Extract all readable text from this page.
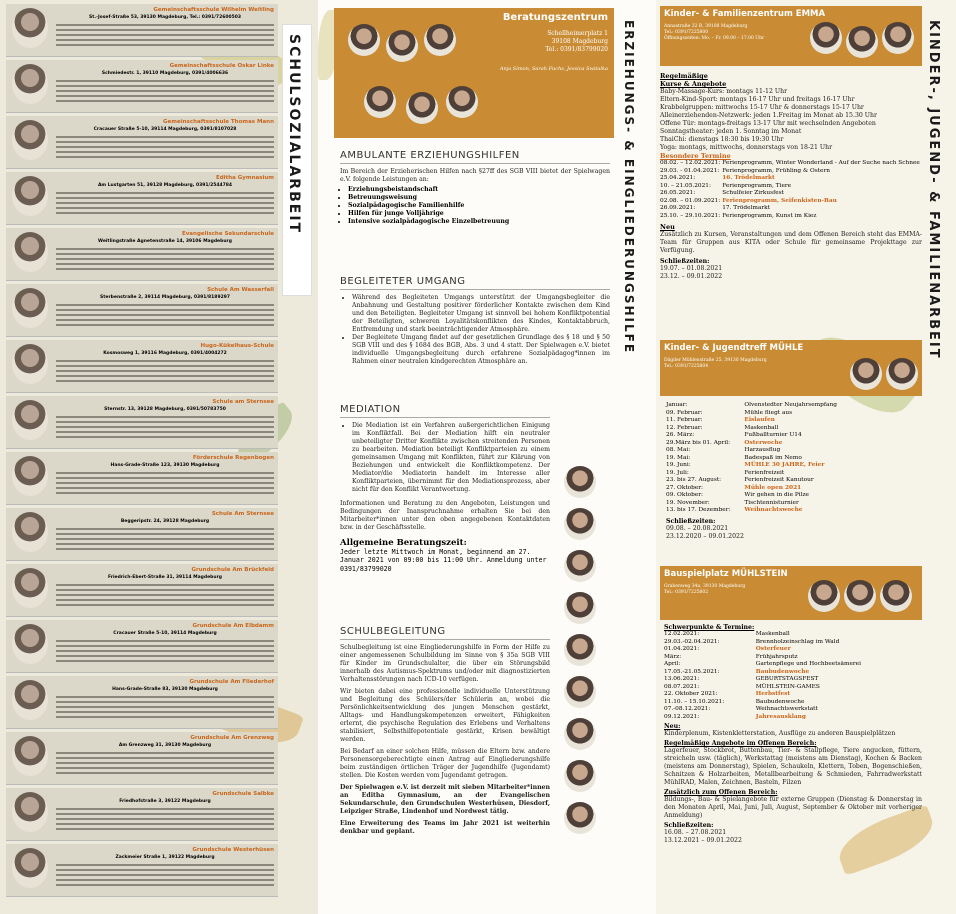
SCHULSOZIALARBEIT
Gemeinschaftsschule Wilhelm Weitling
St.-Josef-Straße 53, 39130 Magdeburg, Tel.: 0391/72600503
Gemeinschaftsschule Oskar Linke
Schmiedestr. 1, 39110 Magdeburg, 0391/4006636
Gemeinschaftsschule Thomas Mann
Cracauer Straße 5-10, 39114 Magdeburg, 0391/8107028
Editha Gymnasium
Am Lustgarten 51, 39128 Magdeburg, 0391/2544784
Evangelische Sekundarschule
Weitlingstraße Agnetenstraße 14, 39106 Magdeburg
Schule Am Wasserfall
Sterbenstraße 2, 39114 Magdeburg, 0391/8189297
Hugo-Kükelhaus-Schule
Kosmosweg 1, 39116 Magdeburg, 0391/4004272
Schule am Sternsee
Sternstr. 13, 39128 Magdeburg, 0391/50783750
Förderschule Regenbogen
Hans-Grade-Straße 123, 39130 Magdeburg
Schule Am Sternsee
Beggeripstr. 24, 39128 Magdeburg
Grundschule Am Brückfeld
Friedrich-Ebert-Straße 31, 39114 Magdeburg
Grundschule Am Elbdamm
Cracauer Straße 5-10, 39114 Magdeburg
Grundschule Am Fliederhof
Hans-Grade-Straße 83, 39130 Magdeburg
Grundschule Am Grenzweg
Am Grenzweg 31, 39130 Magdeburg
Grundschule Salbke
Friedhofstraße 3, 39122 Magdeburg
Grundschule Westerhüsen
Zackmeier Straße 1, 39122 Magdeburg
Beratungszentrum
Schellheimerplatz 1
39108 Magdeburg
Tel.: 0391/83799020
Anja Simon, Sarah Fuchs, Jessica Switalka ERZIEHUNGS- & EINGLIEDERUNGSHILFE

AMBULANTE ERZIEHUNGSHILFEN

Im Bereich der Erzieherischen Hilfen nach §27ff des SGB VIII bietet der Spielwagen e.V. folgende Leistungen an:
• Erziehungsbeistandschaft
• Betreuungsweisung
• Sozialpädagogische Familienhilfe
• Hilfen für junge Volljährige
• Intensive sozialpädagogische Einzelbetreuung

BEGLEITETER UMGANG

• Während des Begleiteten Umgangs unterstützt der Umgangsbegleiter die Anbahnung und Gestaltung positiver förderlicher Kontakte zwischen dem Kind und den Beteiligten. Begleiteter Umgang ist sinnvoll bei hohem Konfliktpotential der Beteiligten, schweren Loyalitätskonflikten des Kindes, Kontaktabbruch, Entfremdung und stark beeinträchtigender Atmosphäre.
• Der Begleitete Umgang findet auf der gesetzlichen Grundlage des § 18 und § 50 SGB VIII und des § 1684 des BGB, Abs. 3 und 4 statt. Der Spielwagen e.V. bietet individuelle Umgangsbegleitung durch erfahrene Sozialpädagog*innen im Rahmen einer neutralen kindgerechten Atmosphäre an.

MEDIATION

• Die Mediation ist ein Verfahren außergerichtlichen Einigung im Konfliktfall. Bei der Mediation hilft ein neutraler unbeteiligter Dritter Konflikte zwischen streitenden Personen zu bearbeiten. Mediation beteiligt Konfliktparteien zu einem gemeinsamen Umgang mit Konflikten, führt zur Klärung von Beziehungen und entwickelt die Konfliktkompetenz. Der Mediator/die Mediatorin handelt im Interesse aller Konfliktparteien, übernimmt für den Mediationsprozess, aber nicht für den Konflikt Verantwortung.
Informationen und Beratung zu den Angeboten, Leistungen und Bedingungen der Inanspruchnahme erhalten Sie bei den Mitarbeiter*innen unter den oben angegebenen Kontaktdaten bzw. in der Geschäftsstelle.
Allgemeine Beratungszeit:
Jeder letzte Mittwoch im Monat, beginnend am 27. Januar 2021 von 09:00 bis 11:00 Uhr. Anmeldung unter 0391/83799020

SCHULBEGLEITUNG

Schulbegleitung ist eine Eingliederungshilfe in Form der Hilfe zu einer angemessenen Schulbildung im Sinne von § 35a SGB VIII für Kinder im Grundschulalter, die über ein Störungsbild innerhalb des Autismus-Spektrums und/oder mit diagnostizierten Verhaltensstörungen nach ICD-10 verfügen.
Wir bieten dabei eine professionelle individuelle Unterstützung und Begleitung des Schülers/der Schülerin an, wobei die Persönlichkeitsentwicklung des jungen Menschen gestärkt, Alltags- und Handlungskompetenzen erweitert, Fähigkeiten erlernt, die psychische Regulation des Erlebens und Verhaltens stabilisiert, Selbsthilfepotentiale gestärkt, Krisen bewältigt werden.
Bei Bedarf an einer solchen Hilfe, müssen die Eltern bzw. andere Personensorgeberechtigte einen Antrag auf Eingliederungshilfe beim zuständigen örtlichen Träger der Jugendhilfe (Jugendamt) stellen. Die Kosten werden vom Jugendamt getragen.
Der Spielwagen e.V. ist derzeit mit sieben Mitarbeiter*innen an Editha Gymnasium, an der Evangelischen Sekundarschule, den Grundschulen Westerhüsen, Diesdorf, Leipziger Straße, Lindenhof und Nordwest tätig.
Eine Erweiterung des Teams im Jahr 2021 ist weiterhin denkbar und geplant.
KINDER-, JUGEND- & FAMILIENARBEIT
Kinder- & Familienzentrum EMMA
Annastraße 32 B, 39108 Magdeburg
Tel.: 0391/7225800
Öffnungszeiten: Mo. – Fr. 09.00 – 17.00 Uhr
Regelmäßige
Kurse & Angebote
Baby-Massage-Kurs: montags 11-12 Uhr
Eltern-Kind-Sport: montags 16-17 Uhr und freitags 16-17 Uhr
Krabbelgruppen: mittwochs 15-17 Uhr & donnerstags 15-17 Uhr
Alleinerziehenden-Netzwerk: jeden 1.Freitag im Monat ab 15.30 Uhr
Offene Tür: montags-freitags 13-17 Uhr mit wechselnden Angeboten
Sonntagstheater: jeden 1. Sonntag im Monat
ThaiChi: dienstags 18:30 bis 19:30 Uhr
Yoga: montags, mittwochs, donnerstags von 18-21 Uhr
Besondere Termine
08.02. – 12.02.2021:	Ferienprogramm, Winter Wonderland - Auf der Suche nach Schnee
29.03. - 01.04.2021:	Ferienprogramm, Frühling & Ostern
25.04.2021:	16. Trödelmarkt
10. – 21.05.2021:	Ferienprogramm, Tiere
26.05.2021:	Schulfeier Zirkusfest
02.08. – 01.09.2021:	Ferienprogramm, Seifenkisten-Bau
26.09.2021:	17. Trödelmarkt
25.10. – 29.10.2021:	Ferienprogramm, Kunst im Kiez
Neu
Zusätzlich zu Kursen, Veranstaltungen und dem Offenen Bereich steht das EMMA-Team für Gruppen aus KITA oder Schule für gemeinsame Projekttage zur Verfügung.
Schließzeiten:
19.07. – 01.08.2021
23.12. – 09.01.2022
Kinder- & Jugendtreff MÜHLE
Dägder Mühlenstraße 25, 39130 Magdeburg
Tel.: 0391/7225804
Januar:	Olvenstedter Neujahrsempfang
09. Februar:	Mühle fliegt aus
11. Februar:	Eislaufen
12. Februar:	Maskenball
26. März:	Fußballturnier U14
29.März bis 01. April:	Osterwoche
08. Mai:	Harzausflug
19. Mai:	Badespaß im Nemo
19. Juni:	MÜHLE 30 JAHRE, Feier
19. Juli:	Ferienfreizeit
23. bis 27. August:	Ferienfreizeit Kanutour
27. Oktober:	Mühle open 2021
09. Oktober:	Wir gehen in die Pilze
19. November:	Tischtennisturnier
13. bis 17. Dezember:	Weihnachtswoche
Schließzeiten:
09.08. – 20.08.2021
23.12.2020 – 09.01.2022
Bauspielplatz MÜHLSTEIN
Grabenweg 34a, 39130 Magdeburg
Tel.: 0391/7225802
Schwerpunkte & Termine:
12.02.2021:	Maskenball
29.03.-02.04.2021:	Brennholzeinschlag im Wald
01.04.2021:	Osterfeuer
März:	Frühjahrsputz
April:	Gartenpflege und Hochbeetsämerei
17.05.-21.05.2021:	Baubudenwoche
13.06.2021:	GEBURTSTAGSFEST
08.07.2021:	MÜHLSTEIN-GAMES
22. Oktober 2021:	Herbstfest
11.10. – 15.10.2021:	Baubudenwoche
07.-08.12.2021:	Weihnachtswerkstatt
09.12.2021:	Jahresausklang
Neu:
Kinderplenum, Kistenkletterstation, Ausflüge zu anderen Bauspielplätzen
Regelmäßige Angebote im Offenen Bereich:
Lagerfeuer, Stockbrot, Buttenbau, Tier- & Stallpflege, Tiere angucken, füttern, streicheln usw. (täglich), Werkstattag (meistens am Dienstag), Kochen & Backen (meistens am Donnerstag), Spielen, Schaukeln, Klettern, Toben, Bogenschießen, Schnitzen & Holzarbeiten, Metallbearbeitung & Schmieden, Fahrradwerkstatt MühlRAD, Malen, Zeichnen, Basteln, Filzen
Zusätzlich zum Offenen Bereich:
Bildungs-, Bau- & Spielangebote für externe Gruppen (Dienstag & Donnerstag in den Monaten April, Mai, Juni, Juli, August, September & Oktober mit vorheriger Anmeldung)
Schließzeiten:
16.08. – 27.08.2021
13.12.2021 – 09.01.2022
